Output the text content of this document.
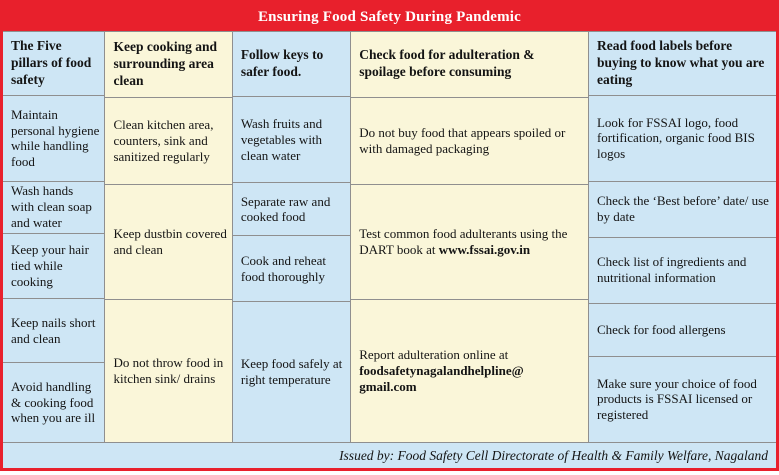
Ensuring Food Safety During Pandemic
The Five pillars of food safety
Maintain personal hygiene while handling food
Wash hands with clean soap and water
Keep your hair tied while cooking
Keep nails short and clean
Avoid handling & cooking food when you are ill
Keep cooking and surrounding area clean
Clean kitchen area, counters, sink and sanitized regularly
Keep dustbin covered and clean
Do not throw food in kitchen sink/ drains
Follow keys to safer food.
Wash fruits and vegetables with clean water
Separate raw and cooked food
Cook and reheat food thoroughly
Keep food safely at right temperature
Check food for adulteration & spoilage before consuming
Do not buy food that appears spoiled or with damaged packaging
Test common food adulterants using the DART book at www.fssai.gov.in
Report adulteration online at foodsafetynagalandhelpline@
gmail.com
Read food labels before buying to know what you are eating
Look for FSSAI logo, food fortification, organic food BIS logos
Check the ‘Best before’ date/ use by date
Check list of ingredients and nutritional information
Check for food allergens
Make sure your choice of food products is FSSAI licensed or registered
Issued by: Food Safety Cell Directorate of Health & Family Welfare, Nagaland
